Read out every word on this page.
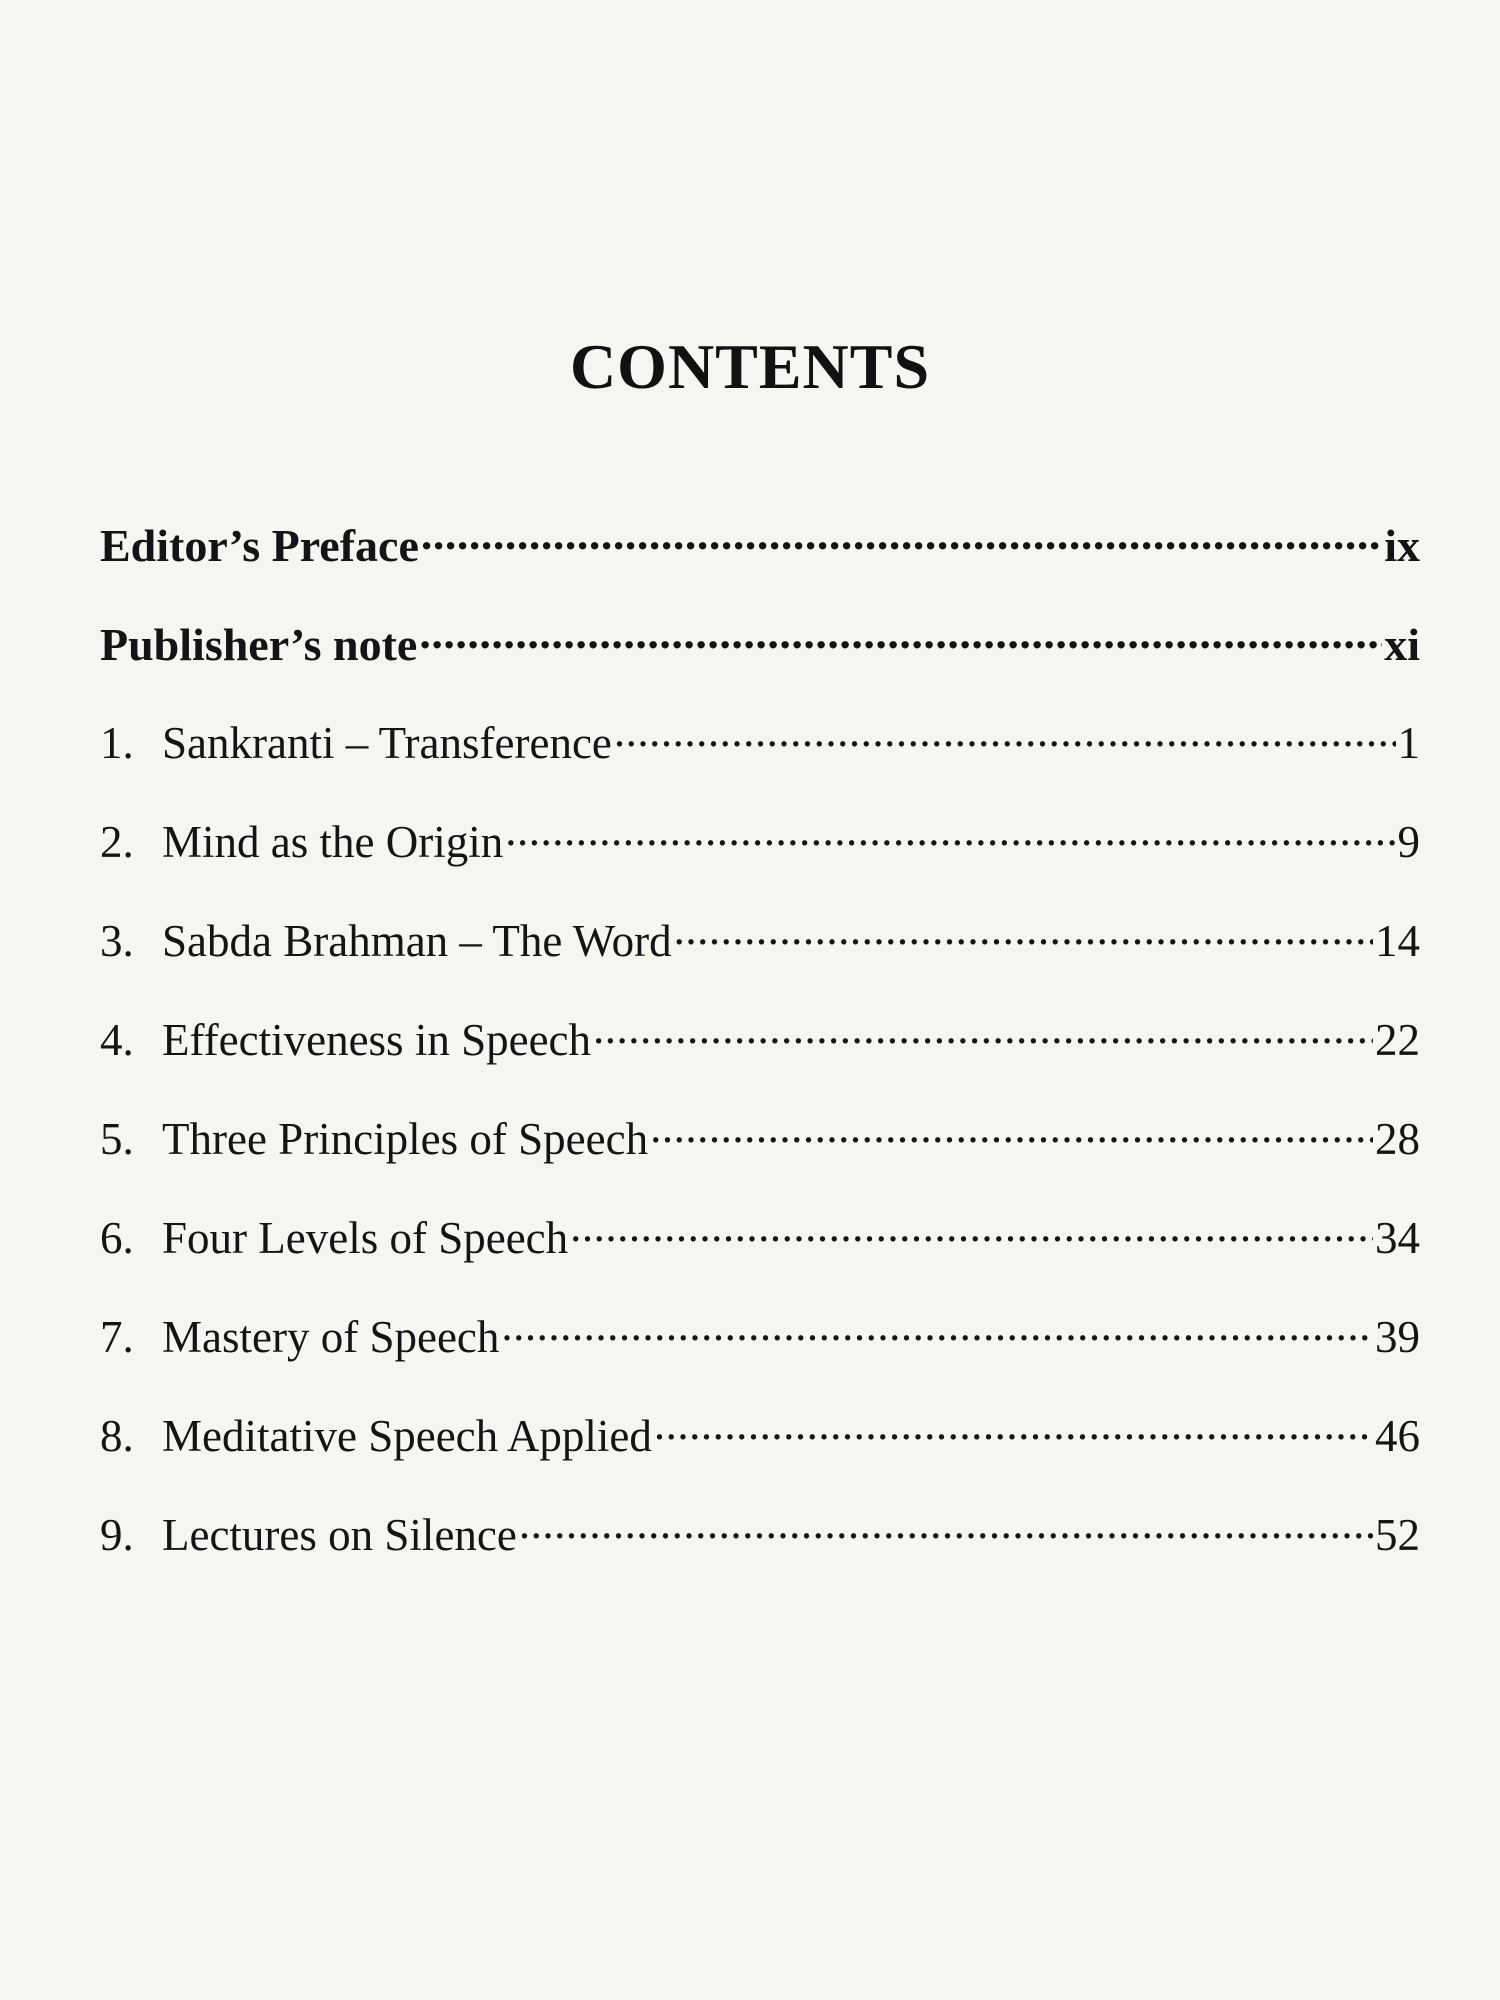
CONTENTS
Editor’s Preface .....	ix
Publisher’s note .....	xi
1. Sankranti – Transference .....	1
2. Mind as the Origin .....	9
3. Sabda Brahman – The Word .....	14
4. Effectiveness in Speech .....	22
5. Three Principles of Speech .....	28
6. Four Levels of Speech .....	34
7. Mastery of Speech .....	39
8. Meditative Speech Applied .....	46
9. Lectures on Silence .....	52
